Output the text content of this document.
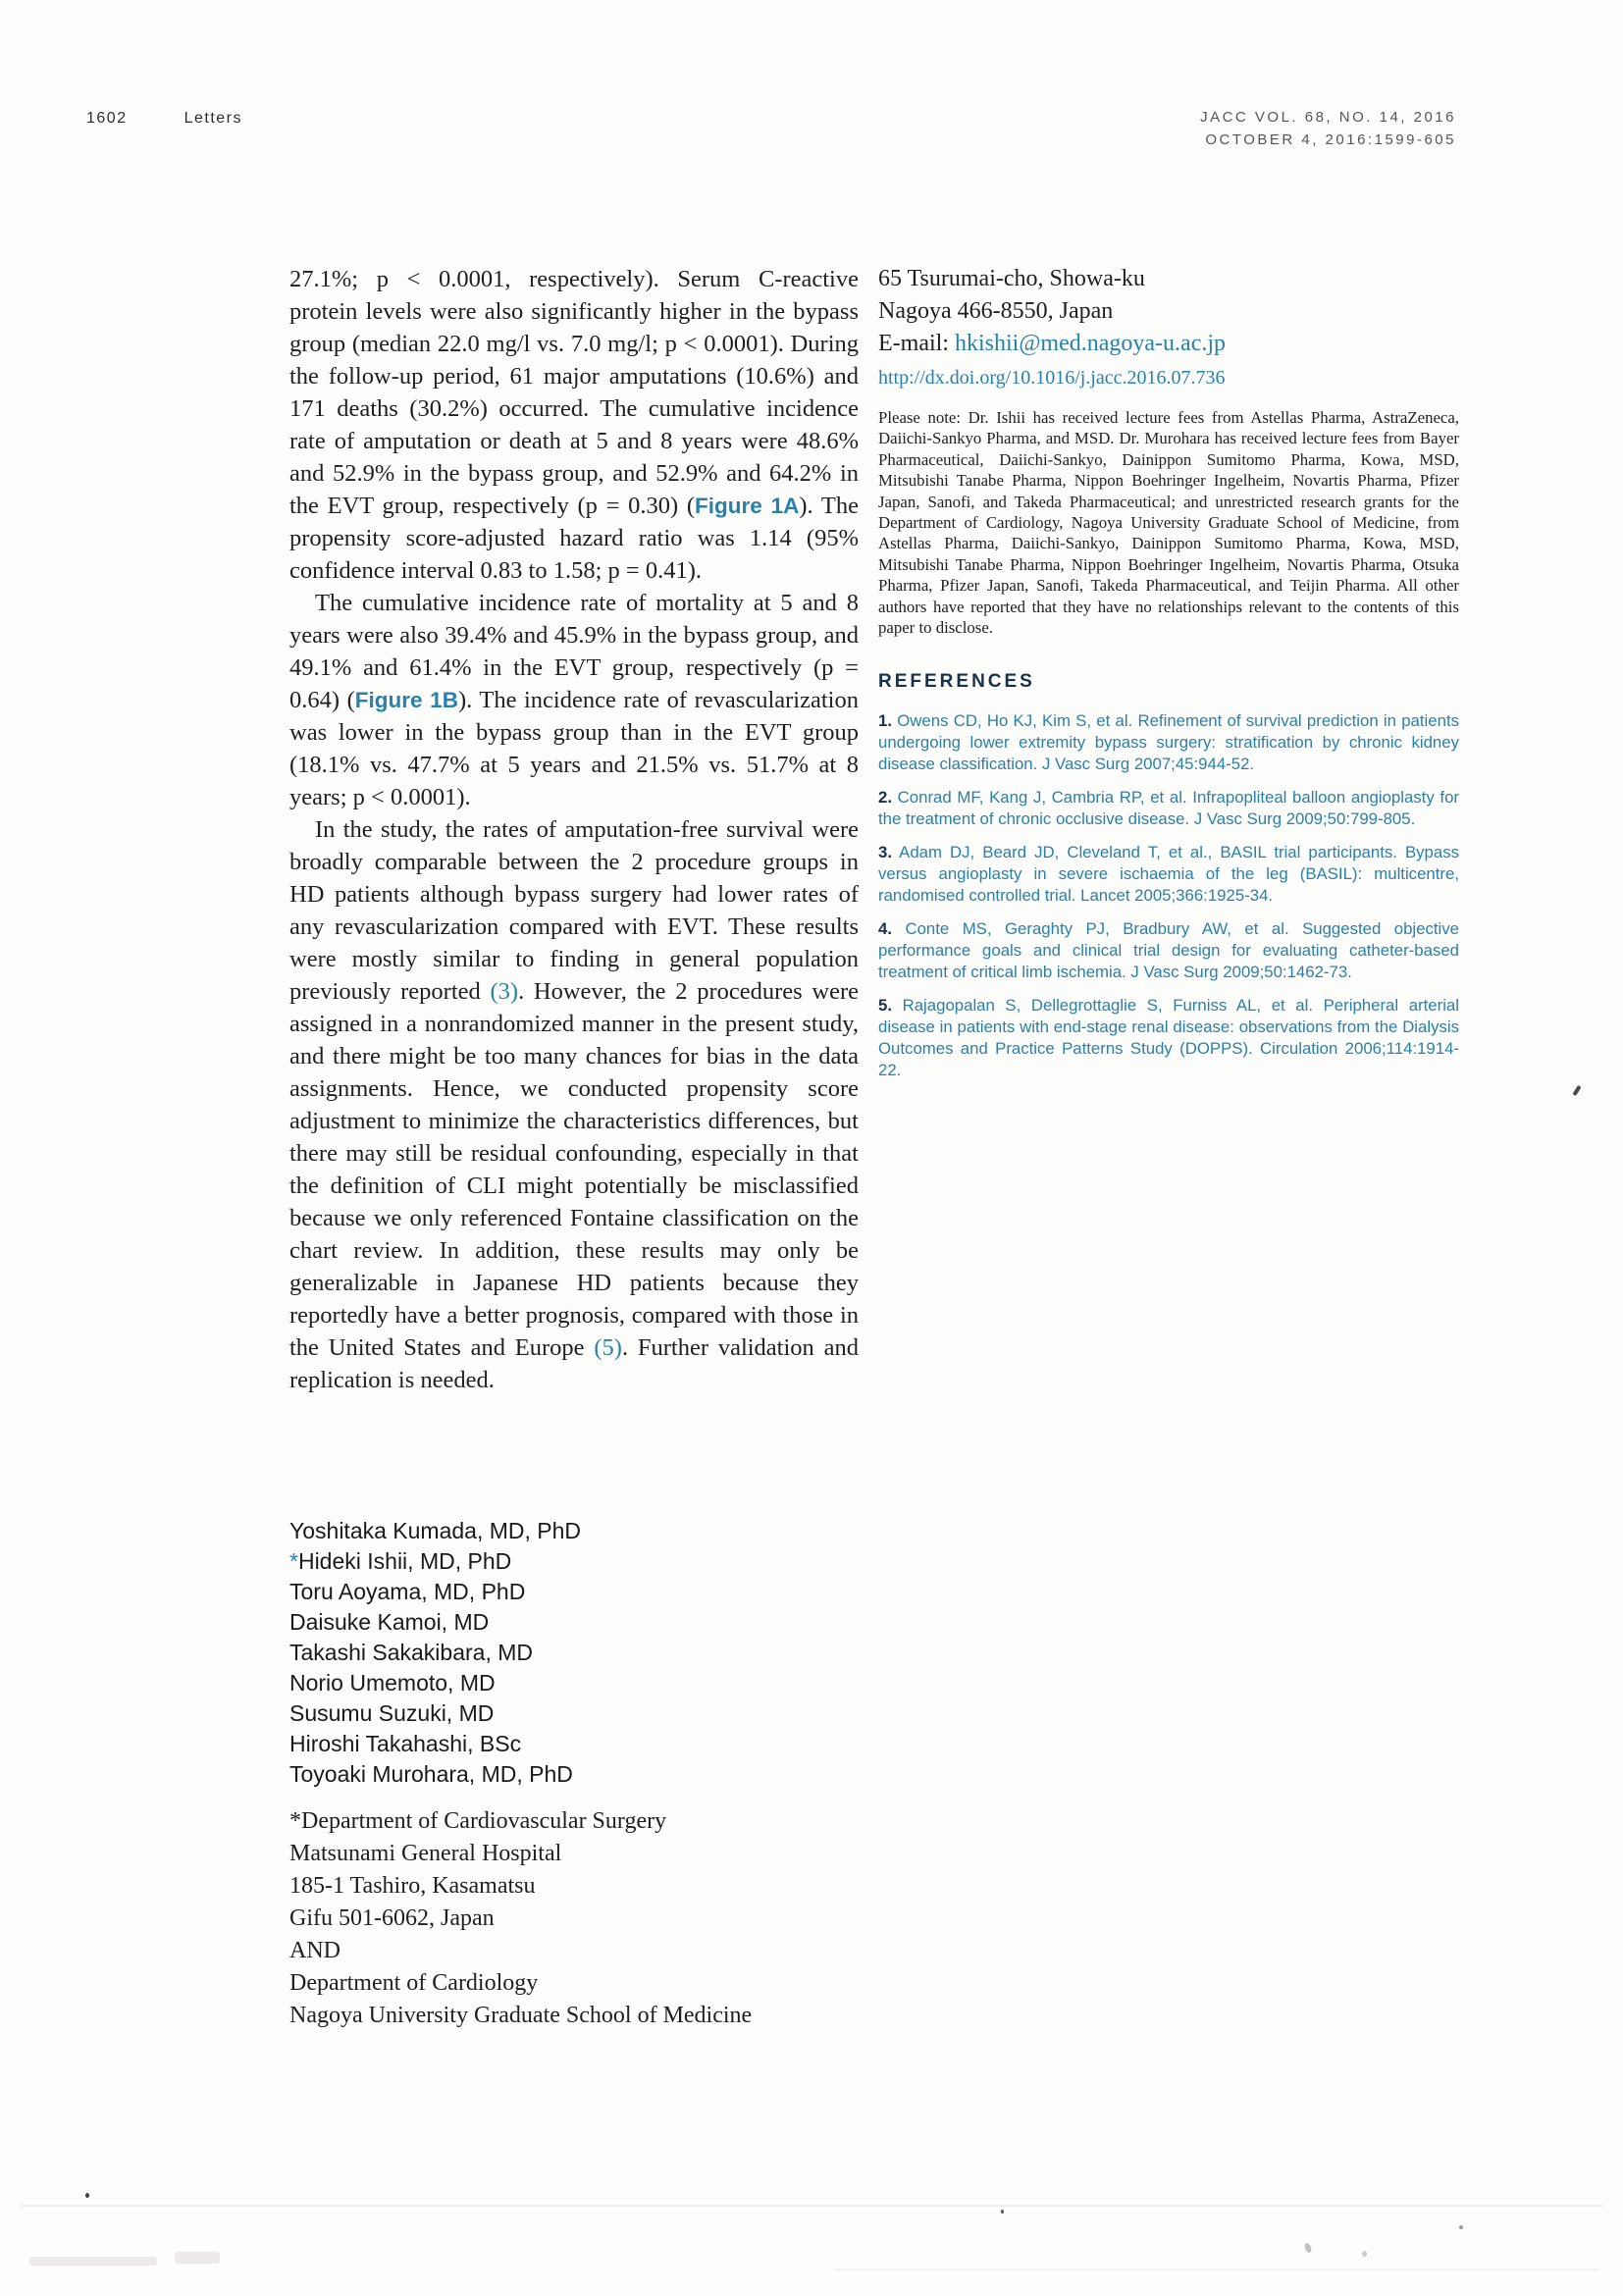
1602	Letters	JACC VOL. 68, NO. 14, 2016
OCTOBER 4, 2016:1599-605

27.1%; p < 0.0001, respectively). Serum C-reactive protein levels were also significantly higher in the bypass group (median 22.0 mg/l vs. 7.0 mg/l; p < 0.0001). During the follow-up period, 61 major amputations (10.6%) and 171 deaths (30.2%) occurred. The cumulative incidence rate of amputation or death at 5 and 8 years were 48.6% and 52.9% in the bypass group, and 52.9% and 64.2% in the EVT group, respectively (p = 0.30) (Figure 1A). The propensity score-adjusted hazard ratio was 1.14 (95% confidence interval 0.83 to 1.58; p = 0.41).

The cumulative incidence rate of mortality at 5 and 8 years were also 39.4% and 45.9% in the bypass group, and 49.1% and 61.4% in the EVT group, respectively (p = 0.64) (Figure 1B). The incidence rate of revascularization was lower in the bypass group than in the EVT group (18.1% vs. 47.7% at 5 years and 21.5% vs. 51.7% at 8 years; p < 0.0001).

In the study, the rates of amputation-free survival were broadly comparable between the 2 procedure groups in HD patients although bypass surgery had lower rates of any revascularization compared with EVT. These results were mostly similar to finding in general population previously reported (3). However, the 2 procedures were assigned in a nonrandomized manner in the present study, and there might be too many chances for bias in the data assignments. Hence, we conducted propensity score adjustment to minimize the characteristics differences, but there may still be residual confounding, especially in that the definition of CLI might potentially be misclassified because we only referenced Fontaine classification on the chart review. In addition, these results may only be generalizable in Japanese HD patients because they reportedly have a better prognosis, compared with those in the United States and Europe (5). Further validation and replication is needed.

Yoshitaka Kumada, MD, PhD
*Hideki Ishii, MD, PhD
Toru Aoyama, MD, PhD
Daisuke Kamoi, MD
Takashi Sakakibara, MD
Norio Umemoto, MD
Susumu Suzuki, MD
Hiroshi Takahashi, BSc
Toyoaki Murohara, MD, PhD
*Department of Cardiovascular Surgery
Matsunami General Hospital
185-1 Tashiro, Kasamatsu
Gifu 501-6062, Japan
AND
Department of Cardiology
Nagoya University Graduate School of Medicine
65 Tsurumai-cho, Showa-ku
Nagoya 466-8550, Japan
E-mail: hkishii@med.nagoya-u.ac.jp
http://dx.doi.org/10.1016/j.jacc.2016.07.736

Please note: Dr. Ishii has received lecture fees from Astellas Pharma, AstraZeneca, Daiichi-Sankyo Pharma, and MSD. Dr. Murohara has received lecture fees from Bayer Pharmaceutical, Daiichi-Sankyo, Dainippon Sumitomo Pharma, Kowa, MSD, Mitsubishi Tanabe Pharma, Nippon Boehringer Ingelheim, Novartis Pharma, Pfizer Japan, Sanofi, and Takeda Pharmaceutical; and unrestricted research grants for the Department of Cardiology, Nagoya University Graduate School of Medicine, from Astellas Pharma, Daiichi-Sankyo, Dainippon Sumitomo Pharma, Kowa, MSD, Mitsubishi Tanabe Pharma, Nippon Boehringer Ingelheim, Novartis Pharma, Otsuka Pharma, Pfizer Japan, Sanofi, Takeda Pharmaceutical, and Teijin Pharma. All other authors have reported that they have no relationships relevant to the contents of this paper to disclose.

REFERENCES

1. Owens CD, Ho KJ, Kim S, et al. Refinement of survival prediction in patients undergoing lower extremity bypass surgery: stratification by chronic kidney disease classification. J Vasc Surg 2007;45:944-52.

2. Conrad MF, Kang J, Cambria RP, et al. Infrapopliteal balloon angioplasty for the treatment of chronic occlusive disease. J Vasc Surg 2009;50:799-805.

3. Adam DJ, Beard JD, Cleveland T, et al., BASIL trial participants. Bypass versus angioplasty in severe ischaemia of the leg (BASIL): multicentre, randomised controlled trial. Lancet 2005;366:1925-34.

4. Conte MS, Geraghty PJ, Bradbury AW, et al. Suggested objective performance goals and clinical trial design for evaluating catheter-based treatment of critical limb ischemia. J Vasc Surg 2009;50:1462-73.

5. Rajagopalan S, Dellegrottaglie S, Furniss AL, et al. Peripheral arterial disease in patients with end-stage renal disease: observations from the Dialysis Outcomes and Practice Patterns Study (DOPPS). Circulation 2006;114:1914-22.
